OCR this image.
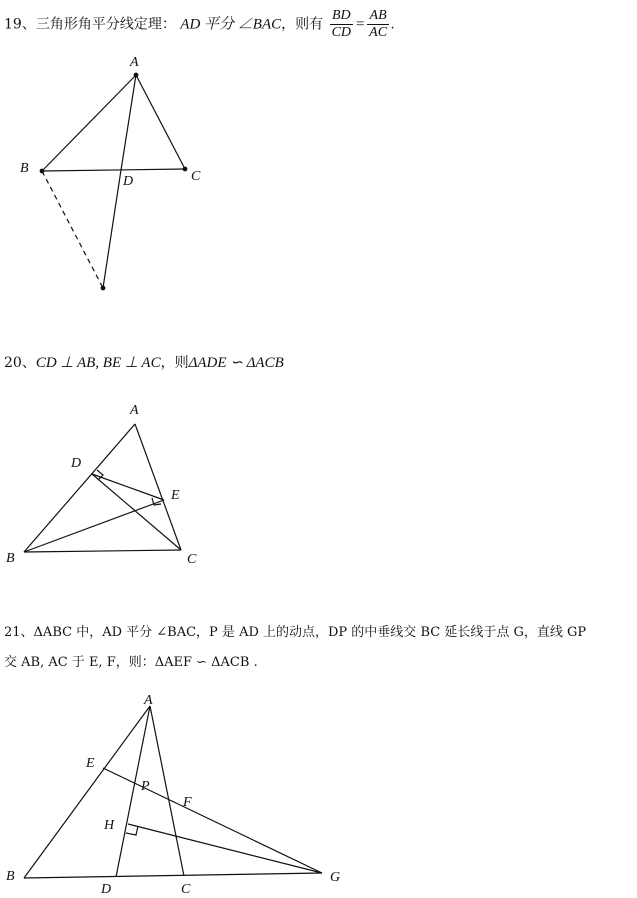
19、三角形角平分线定理： AD 平分 ∠BAC，则有 $\frac{BD}{CD} = \frac{AB}{AC}$ .
20、CD ⊥ AB, BE ⊥ AC，则ΔADE ∽ ΔACB
21、ΔABC 中，AD 平分 ∠BAC，P 是 AD 上的动点，DP 的中垂线交 BC 延长线于点 G，直线 GP
交 AB, AC 于 E, F，则：ΔAEF ∽ ΔACB .
A
B
C
D
A
B	C
D
E
A
B
C
D
E
F
G
H
P
